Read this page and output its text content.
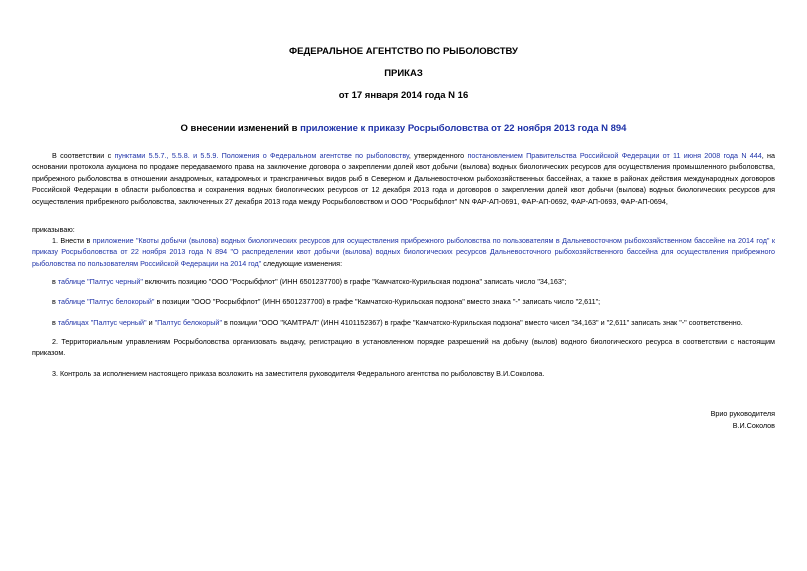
ФЕДЕРАЛЬНОЕ АГЕНТСТВО ПО РЫБОЛОВСТВУ
ПРИКАЗ
от 17 января 2014 года N 16
О внесении изменений в приложение к приказу Росрыболовства от 22 ноября 2013 года N 894
В соответствии с пунктами 5.5.7., 5.5.8. и 5.5.9. Положения о Федеральном агентстве по рыболовству, утвержденного постановлением Правительства Российской Федерации от 11 июня 2008 года N 444, на основании протокола аукциона по продаже передаваемого права на заключение договора о закреплении долей квот добычи (вылова) водных биологических ресурсов для осуществления промышленного рыболовства, прибрежного рыболовства в отношении анадромных, катадромных и трансграничных видов рыб в Северном и Дальневосточном рыбохозяйственных бассейнах, а также в районах действия международных договоров Российской Федерации в области рыболовства и сохранения водных биологических ресурсов от 12 декабря 2013 года и договоров о закреплении долей квот добычи (вылова) водных биологических ресурсов для осуществления прибрежного рыболовства, заключенных 27 декабря 2013 года между Росрыболовством и ООО "Росрыбфлот" NN ФАР-АП-0691, ФАР-АП-0692, ФАР-АП-0693, ФАР-АП-0694,
приказываю:
1. Внести в приложение "Квоты добычи (вылова) водных биологических ресурсов для осуществления прибрежного рыболовства по пользователям в Дальневосточном рыбохозяйственном бассейне на 2014 год" к приказу Росрыболовства от 22 ноября 2013 года N 894 "О распределении квот добычи (вылова) водных биологических ресурсов Дальневосточного рыбохозяйственного бассейна для осуществления прибрежного рыболовства по пользователям Российской Федерации на 2014 год" следующие изменения:
в таблице "Палтус черный" включить позицию "ООО "Росрыбфлот" (ИНН 6501237700) в графе "Камчатско-Курильская подзона" записать число "34,163";
в таблице "Палтус белокорый" в позиции "ООО "Росрыбфлот" (ИНН 6501237700) в графе "Камчатско-Курильская подзона" вместо знака "-" записать число "2,611";
в таблицах "Палтус черный" и "Палтус белокорый" в позиции "ООО "КАМТРАЛ" (ИНН 4101152367) в графе "Камчатско-Курильская подзона" вместо чисел "34,163" и "2,611" записать знак "-" соответственно.
2. Территориальным управлениям Росрыболовства организовать выдачу, регистрацию в установленном порядке разрешений на добычу (вылов) водного биологического ресурса в соответствии с настоящим приказом.
3. Контроль за исполнением настоящего приказа возложить на заместителя руководителя Федерального агентства по рыболовству В.И.Соколова.
Врио руководителя
В.И.Соколов
